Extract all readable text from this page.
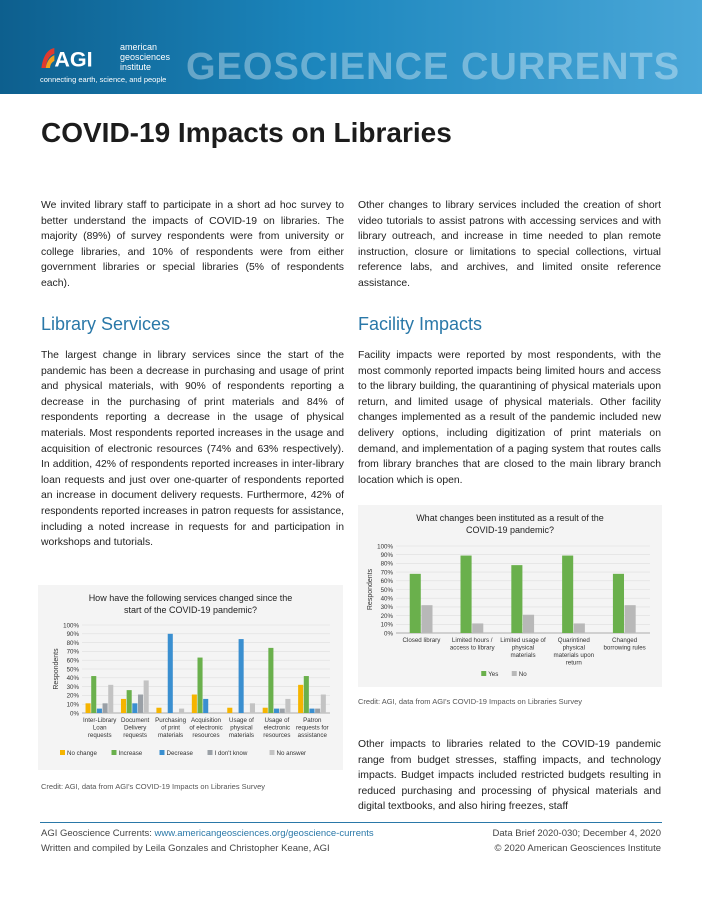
AGI
american
geosciences
institute
connecting earth, science, and people GEOSCIENCE CURRENTS
COVID-19 Impacts on Libraries
We invited library staff to participate in a short ad hoc survey to better understand the impacts of COVID-19 on libraries. The majority (89%) of survey respondents were from university or college libraries, and 10% of respondents were from either government libraries or special libraries (5% of respondents each).
Other changes to library services included the creation of short video tutorials to assist patrons with accessing services and with library outreach, and increase in time needed to plan remote instruction, closure or limitations to special collections, virtual reference labs, and archives, and limited onsite reference assistance.
Library Services
The largest change in library services since the start of the pandemic has been a decrease in purchasing and usage of print and physical materials, with 90% of respondents reporting a decrease in the purchasing of print materials and 84% of respondents reporting a decrease in the usage of physical materials. Most respondents reported increases in the usage and acquisition of electronic resources (74% and 63% respectively). In addition, 42% of respondents reported increases in inter-library loan requests and just over one-quarter of respondents reported an increase in document delivery requests. Furthermore, 42% of respondents reported increases in patron requests for assistance, including a noted increase in requests for and participation in workshops and tutorials.
Facility Impacts
Facility impacts were reported by most respondents, with the most commonly reported impacts being limited hours and access to the library building, the quarantining of physical materials upon return, and limited usage of physical materials. Other facility changes implemented as a result of the pandemic included new delivery options, including digitization of print materials on demand, and implementation of a paging system that routes calls from library branches that are closed to the main library branch location which is open.
How have the following services changed since the
start of the COVID-19 pandemic?
0%
10%
20%
30%
40%
50%
60%
70%
80%
90%
100%
Respondents
Inter-Library
Loan
requests
Document
Delivery
requests
Purchasing
of print
materials
Acquisition
of electronic
resources
Usage of
physical
materials
Usage of
electronic
resources
Patron
requests for
assistance
No change	Increase	Decrease	I don't know	No answer
Credit: AGI, data from AGI's COVID-19 Impacts on Libraries Survey
What changes been instituted as a result of the
COVID-19 pandemic?
0%
10%
20%
30%
40%
50%
60%
70%
80%
90%
100%
Respondents
Closed library Limited hours /
access to library
Limited usage of
physical
materials
Quarintined
physical
materials upon
return
Changed
borrowing rules
Yes	No
Credit: AGI, data from AGI's COVID-19 Impacts on Libraries Survey
Other impacts to libraries related to the COVID-19 pandemic range from budget stresses, staffing impacts, and technology impacts. Budget impacts included restricted budgets resulting in reduced purchasing and processing of physical materials and digital textbooks, and also hiring freezes, staff
AGI Geoscience Currents: www.americangeosciences.org/geoscience-currents
Written and compiled by Leila Gonzales and Christopher Keane, AGI
Data Brief 2020-030; December 4, 2020
© 2020 American Geosciences Institute
